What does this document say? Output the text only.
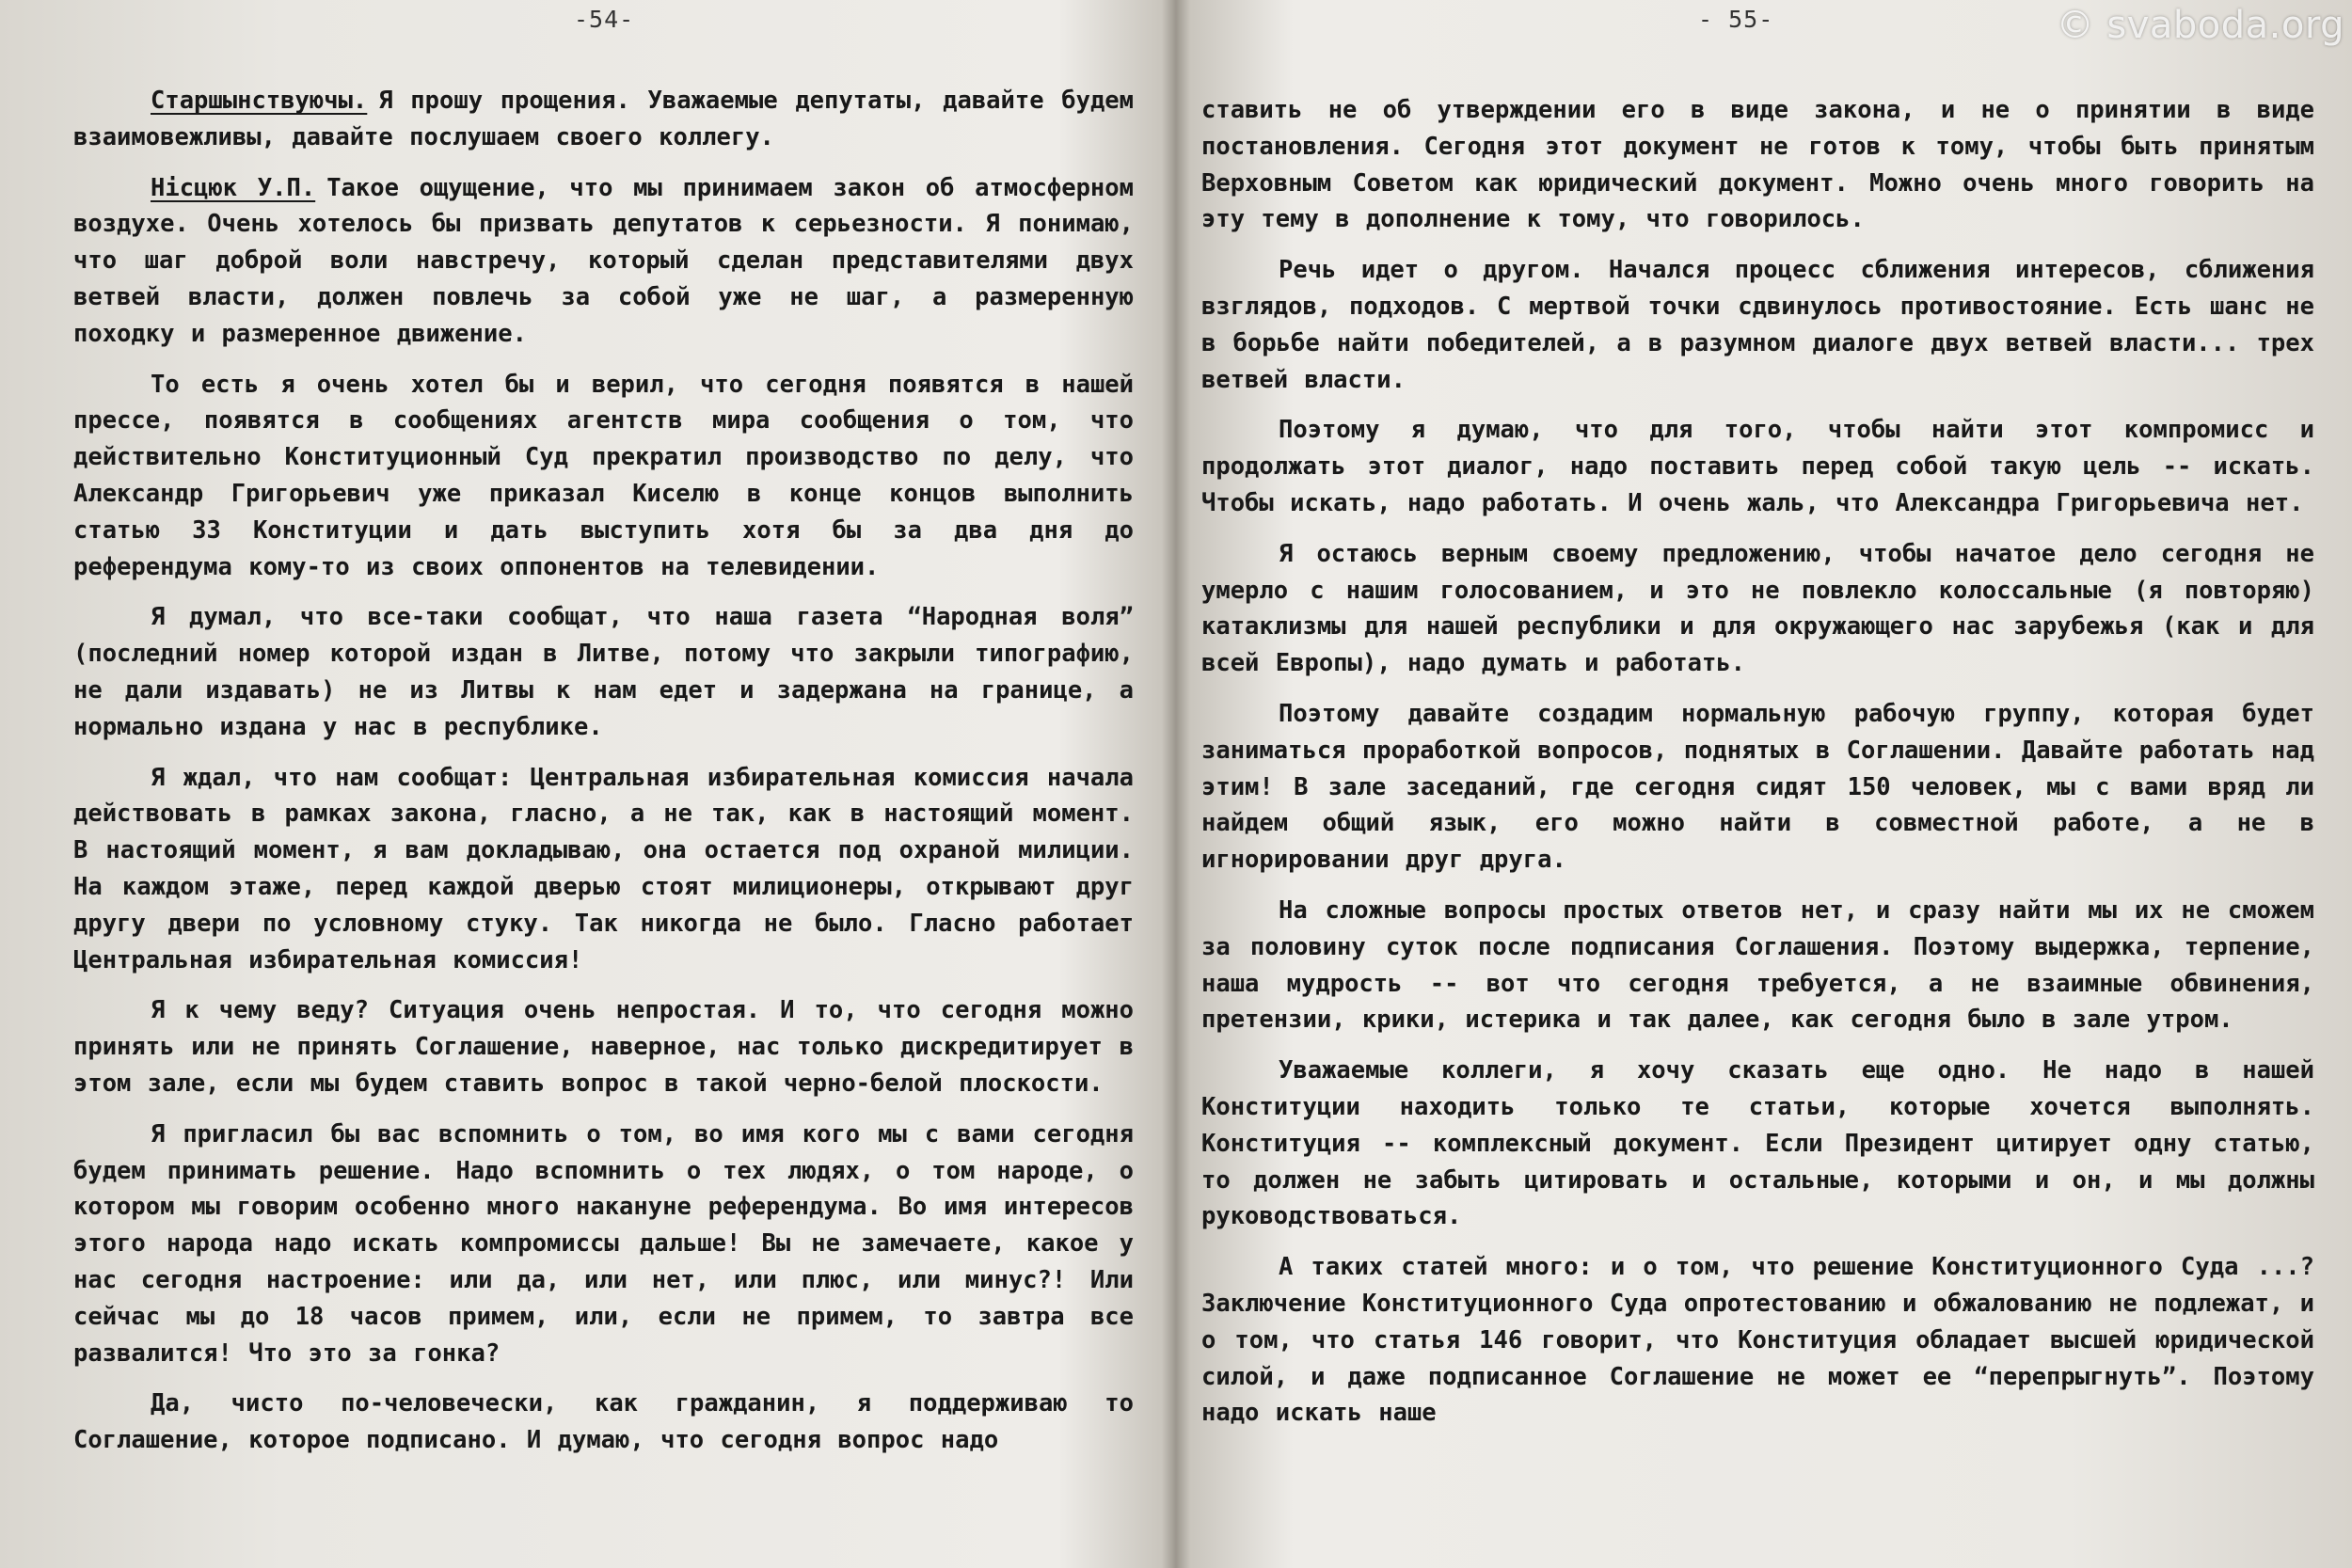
© svaboda.org
-54-

Старшынствуючы. Я прошу прощения. Уважаемые депутаты, давайте будем взаимовежливы, давайте послушаем своего коллегу.

Нiсцюк У.П. Такое ощущение, что мы принимаем закон об атмосферном воздухе. Очень хотелось бы призвать депутатов к серьезности. Я понимаю, что шаг доброй воли навстречу, который сделан представителями двух ветвей власти, должен повлечь за собой уже не шаг, а размеренную походку и размеренное движение.

То есть я очень хотел бы и верил, что сегодня появятся в нашей прессе, появятся в сообщениях агентств мира сообщения о том, что действительно Конституционный Суд прекратил производство по делу, что Александр Григорьевич уже приказал Киселю в конце концов выполнить статью 33 Конституции и дать выступить хотя бы за два дня до референдума кому-то из своих оппонентов на телевидении.

Я думал, что все-таки сообщат, что наша газета “Народная воля” (последний номер которой издан в Литве, потому что закрыли типографию, не дали издавать) не из Литвы к нам едет и задержана на границе, а нормально издана у нас в республике.

Я ждал, что нам сообщат: Центральная избирательная комиссия начала действовать в рамках закона, гласно, а не так, как в настоящий момент. В настоящий момент, я вам докладываю, она остается под охраной милиции. На каждом этаже, перед каждой дверью стоят милиционеры, открывают друг другу двери по условному стуку. Так никогда не было. Гласно работает Центральная избирательная комиссия!

Я к чему веду? Ситуация очень непростая. И то, что сегодня можно принять или не принять Соглашение, наверное, нас только дискредитирует в этом зале, если мы будем ставить вопрос в такой черно-белой плоскости.

Я пригласил бы вас вспомнить о том, во имя кого мы с вами сегодня будем принимать решение. Надо вспомнить о тех людях, о том народе, о котором мы говорим особенно много накануне референдума. Во имя интересов этого народа надо искать компромиссы дальше! Вы не замечаете, какое у нас сегодня настроение: или да, или нет, или плюс, или минус?! Или сейчас мы до 18 часов примем, или, если не примем, то завтра все развалится! Что это за гонка?

Да, чисто по-человечески, как гражданин, я поддерживаю то Соглашение, которое подписано. И думаю, что сегодня вопрос надо

- 55-

ставить не об утверждении его в виде закона, и не о принятии в виде постановления. Сегодня этот документ не готов к тому, чтобы быть принятым Верховным Советом как юридический документ. Можно очень много говорить на эту тему в дополнение к тому, что говорилось.

Речь идет о другом. Начался процесс сближения интересов, сближения взглядов, подходов. С мертвой точки сдвинулось противостояние. Есть шанс не в борьбе найти победителей, а в разумном диалоге двух ветвей власти... трех ветвей власти.

Поэтому я думаю, что для того, чтобы найти этот компромисс и продолжать этот диалог, надо поставить перед собой такую цель -- искать. Чтобы искать, надо работать. И очень жаль, что Александра Григорьевича нет.

Я остаюсь верным своему предложению, чтобы начатое дело сегодня не умерло с нашим голосованием, и это не повлекло колоссальные (я повторяю) катаклизмы для нашей республики и для окружающего нас зарубежья (как и для всей Европы), надо думать и работать.

Поэтому давайте создадим нормальную рабочую группу, которая будет заниматься проработкой вопросов, поднятых в Соглашении. Давайте работать над этим! В зале заседаний, где сегодня сидят 150 человек, мы с вами вряд ли найдем общий язык, его можно найти в совместной работе, а не в игнорировании друг друга.

На сложные вопросы простых ответов нет, и сразу найти мы их не сможем за половину суток после подписания Соглашения. Поэтому выдержка, терпение, наша мудрость -- вот что сегодня требуется, а не взаимные обвинения, претензии, крики, истерика и так далее, как сегодня было в зале утром.

Уважаемые коллеги, я хочу сказать еще одно. Не надо в нашей Конституции находить только те статьи, которые хочется выполнять. Конституция -- комплексный документ. Если Президент цитирует одну статью, то должен не забыть цитировать и остальные, которыми и он, и мы должны руководствоваться.

А таких статей много: и о том, что решение Конституционного Суда ...? Заключение Конституционного Суда опротестованию и обжалованию не подлежат, и о том, что статья 146 говорит, что Конституция обладает высшей юридической силой, и даже подписанное Соглашение не может ее “перепрыгнуть”. Поэтому надо искать наше
